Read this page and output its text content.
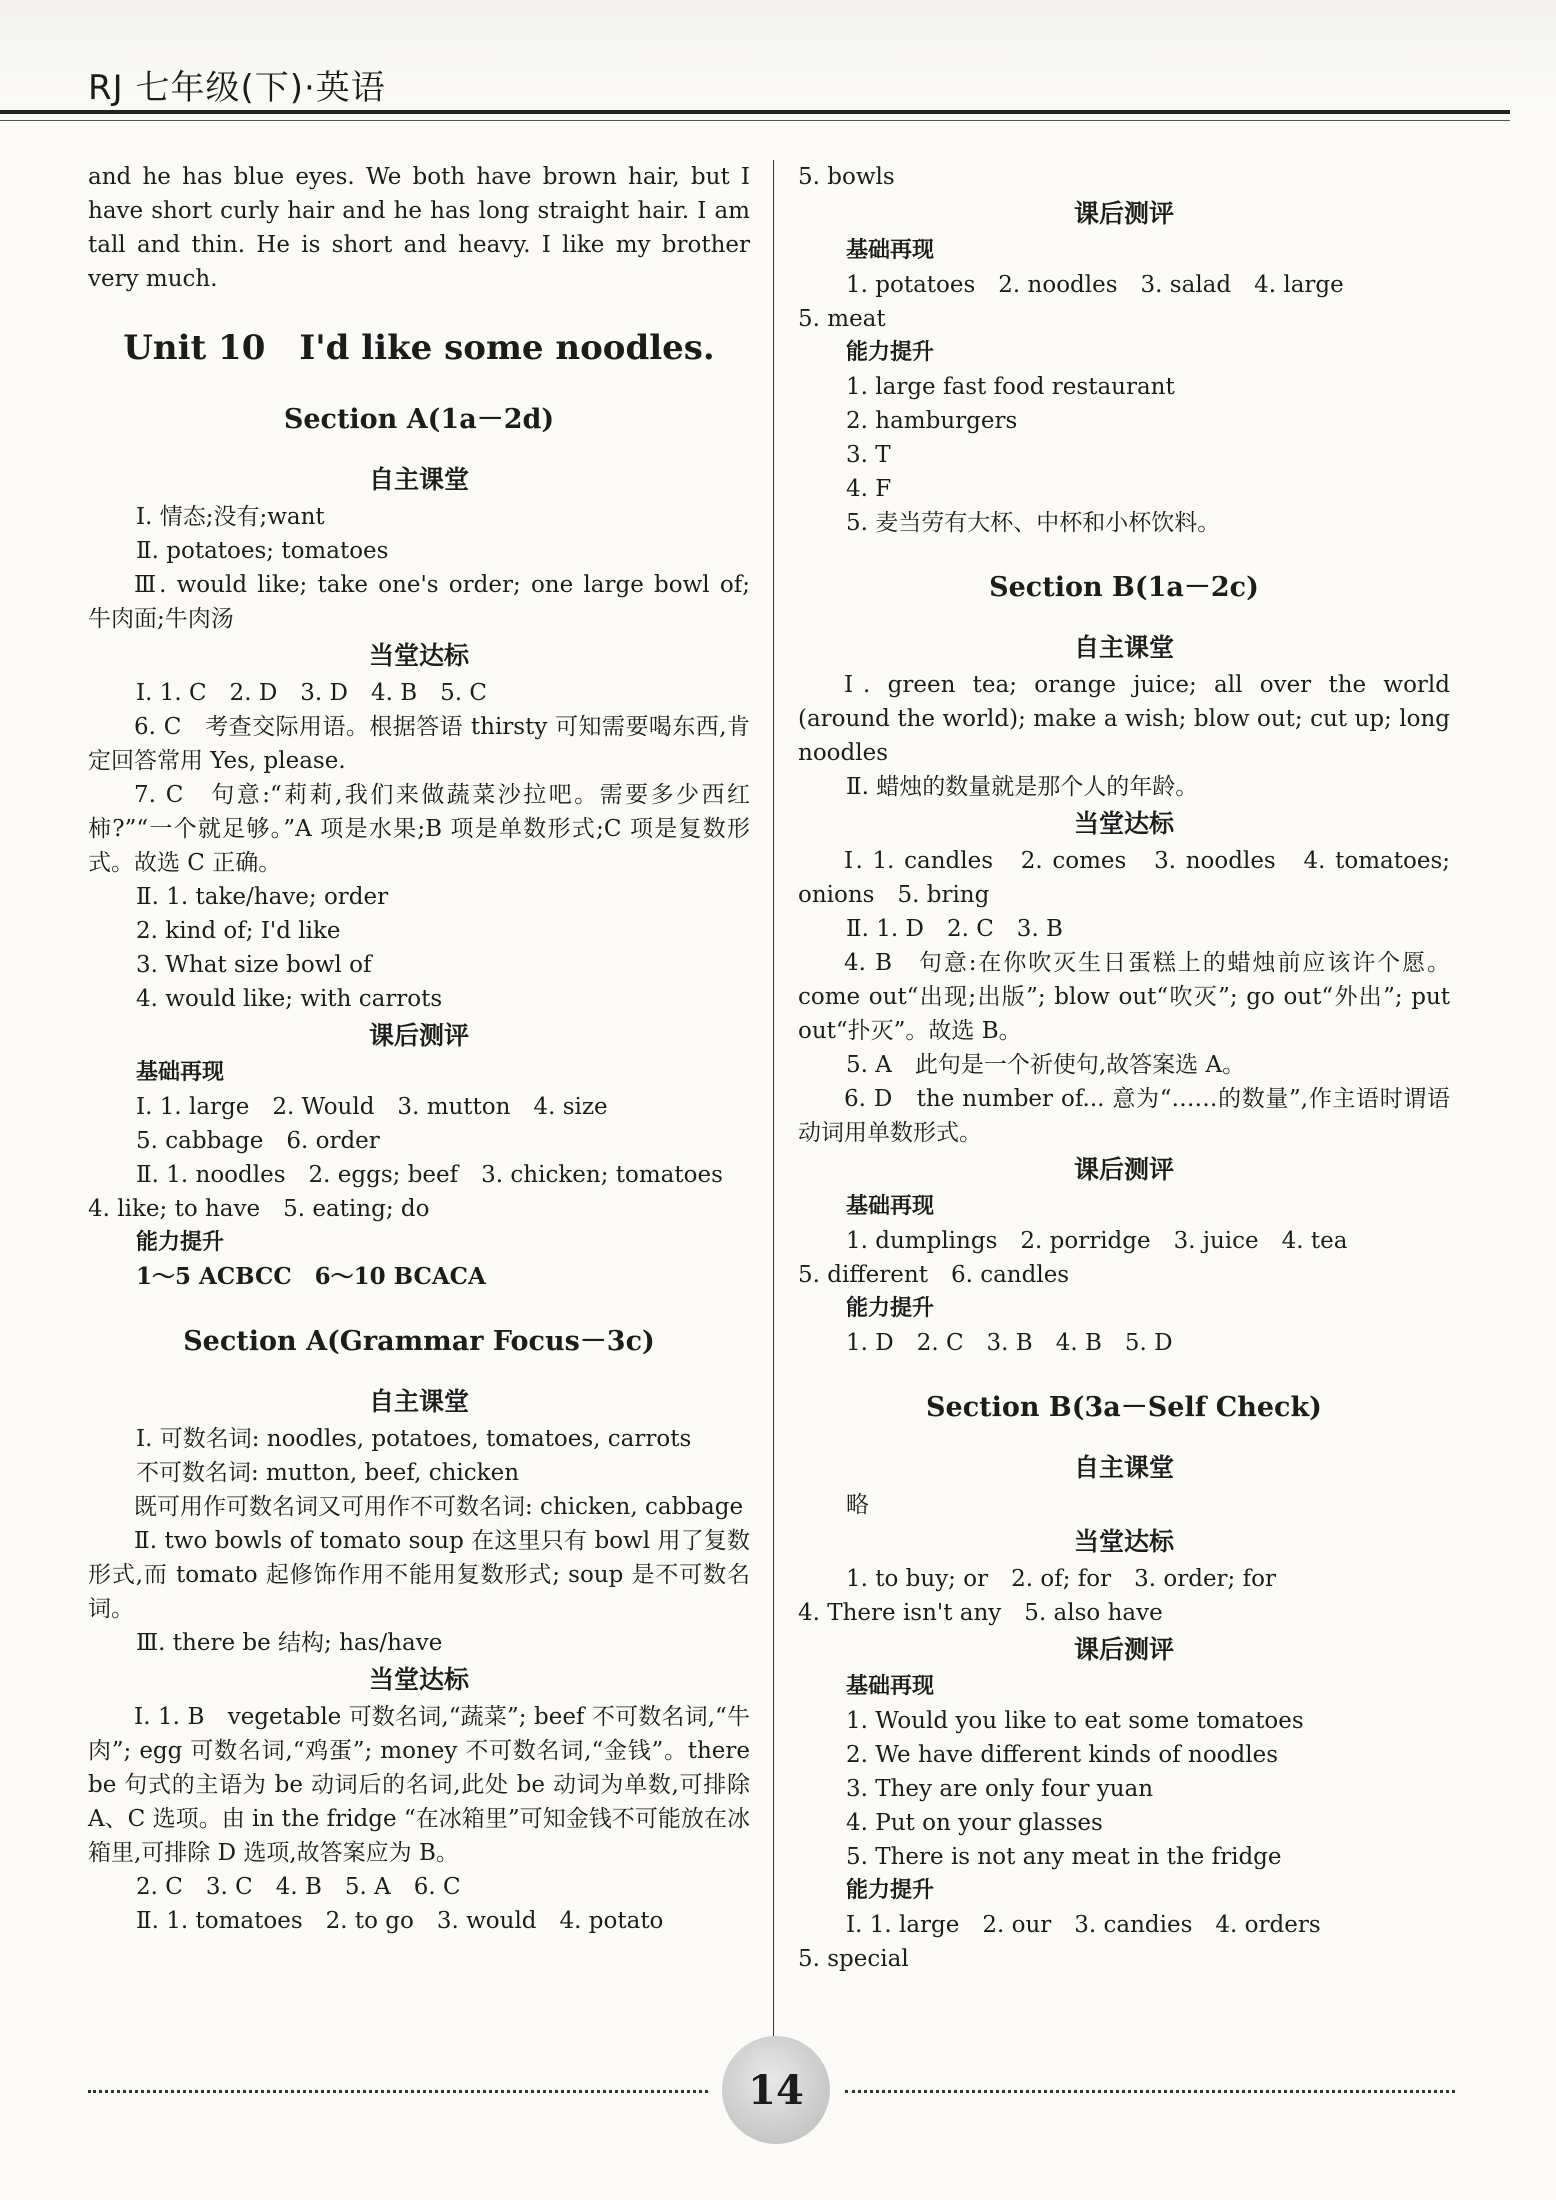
RJ 七年级(下)·英语

and he has blue eyes. We both have brown hair, but I have short curly hair and he has long straight hair. I am tall and thin. He is short and heavy. I like my brother very much.

Unit 10　I'd like some noodles.
Section A(1a－2d)
自主课堂

Ⅰ. 情态;没有;want

Ⅱ. potatoes; tomatoes

Ⅲ. would like; take one's order; one large bowl of; 牛肉面;牛肉汤

当堂达标

Ⅰ. 1. C　2. D　3. D　4. B　5. C

6. C　考查交际用语。根据答语 thirsty 可知需要喝东西,肯定回答常用 Yes, please.

7. C　句意:“莉莉,我们来做蔬菜沙拉吧。需要多少西红柿?”“一个就足够。”A 项是水果;B 项是单数形式;C 项是复数形式。故选 C 正确。

Ⅱ. 1. take/have; order

2. kind of; I'd like

3. What size bowl of

4. would like; with carrots

课后测评
基础再现

Ⅰ. 1. large　2. Would　3. mutton　4. size

5. cabbage　6. order

Ⅱ. 1. noodles　2. eggs; beef　3. chicken; tomatoes

4. like; to have　5. eating; do

能力提升

1～5 ACBCC　6～10 BCACA

Section A(Grammar Focus－3c)
自主课堂

Ⅰ. 可数名词: noodles, potatoes, tomatoes, carrots

不可数名词: mutton, beef, chicken

既可用作可数名词又可用作不可数名词: chicken, cabbage

Ⅱ. two bowls of tomato soup 在这里只有 bowl 用了复数形式,而 tomato 起修饰作用不能用复数形式; soup 是不可数名词。

Ⅲ. there be 结构; has/have

当堂达标

Ⅰ. 1. B　vegetable 可数名词,“蔬菜”; beef 不可数名词,“牛肉”; egg 可数名词,“鸡蛋”; money 不可数名词,“金钱”。there be 句式的主语为 be 动词后的名词,此处 be 动词为单数,可排除 A、C 选项。由 in the fridge “在冰箱里”可知金钱不可能放在冰箱里,可排除 D 选项,故答案应为 B。

2. C　3. C　4. B　5. A　6. C

Ⅱ. 1. tomatoes　2. to go　3. would　4. potato

5. bowls

课后测评
基础再现

1. potatoes　2. noodles　3. salad　4. large

5. meat

能力提升

1. large fast food restaurant

2. hamburgers

3. T

4. F

5. 麦当劳有大杯、中杯和小杯饮料。

Section B(1a－2c)
自主课堂

Ⅰ. green tea; orange juice; all over the world (around the world); make a wish; blow out; cut up; long noodles

Ⅱ. 蜡烛的数量就是那个人的年龄。

当堂达标

Ⅰ. 1. candles　2. comes　3. noodles　4. tomatoes; onions　5. bring

Ⅱ. 1. D　2. C　3. B

4. B　句意:在你吹灭生日蛋糕上的蜡烛前应该许个愿。come out“出现;出版”; blow out“吹灭”; go out“外出”; put out“扑灭”。故选 B。

5. A　此句是一个祈使句,故答案选 A。

6. D　the number of... 意为“……的数量”,作主语时谓语动词用单数形式。

课后测评
基础再现

1. dumplings　2. porridge　3. juice　4. tea

5. different　6. candles

能力提升

1. D　2. C　3. B　4. B　5. D

Section B(3a－Self Check)
自主课堂

略

当堂达标

1. to buy; or　2. of; for　3. order; for

4. There isn't any　5. also have

课后测评
基础再现

1. Would you like to eat some tomatoes

2. We have different kinds of noodles

3. They are only four yuan

4. Put on your glasses

5. There is not any meat in the fridge

能力提升

Ⅰ. 1. large　2. our　3. candies　4. orders

5. special

14
